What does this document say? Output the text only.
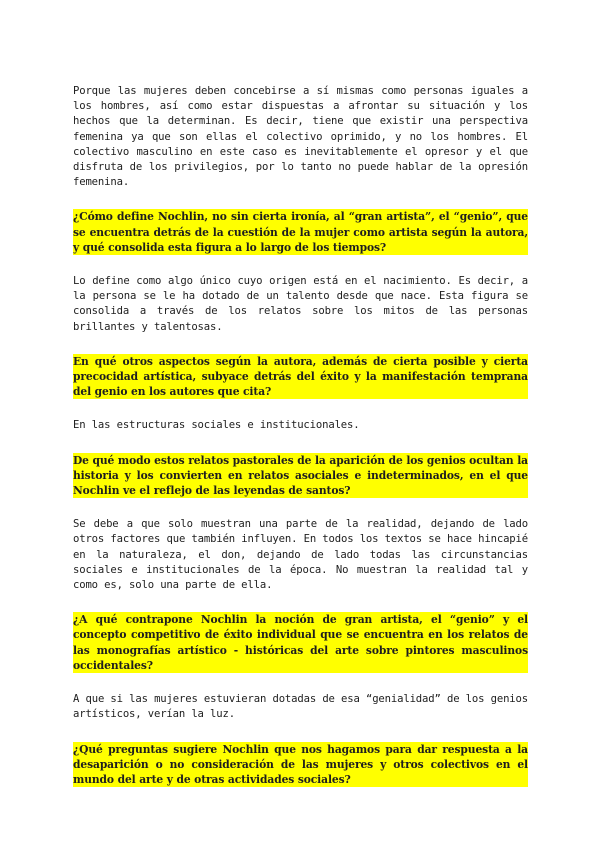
Porque las mujeres deben concebirse a sí mismas como personas iguales a los hombres, así como estar dispuestas a afrontar su situación y los hechos que la determinan. Es decir, tiene que existir una perspectiva femenina ya que son ellas el colectivo oprimido, y no los hombres. El colectivo masculino en este caso es inevitablemente el opresor y el que disfruta de los privilegios, por lo tanto no puede hablar de la opresión femenina.

¿Cómo define Nochlin, no sin cierta ironía, al “gran artista”, el “genio”, que se encuentra detrás de la cuestión de la mujer como artista según la autora, y qué consolida esta figura a lo largo de los tiempos?

Lo define como algo único cuyo origen está en el nacimiento. Es decir, a la persona se le ha dotado de un talento desde que nace. Esta figura se consolida a través de los relatos sobre los mitos de las personas brillantes y talentosas.

En qué otros aspectos según la autora, además de cierta posible y cierta precocidad artística, subyace detrás del éxito y la manifestación temprana del genio en los autores que cita?

En las estructuras sociales e institucionales.

De qué modo estos relatos pastorales de la aparición de los genios ocultan la historia y los convierten en relatos asociales e indeterminados, en el que Nochlin ve el reflejo de las leyendas de santos?

Se debe a que solo muestran una parte de la realidad, dejando de lado otros factores que también influyen. En todos los textos se hace hincapié en la naturaleza, el don, dejando de lado todas las circunstancias sociales e institucionales de la época. No muestran la realidad tal y como es, solo una parte de ella.

¿A qué contrapone Nochlin la noción de gran artista, el “genio” y el concepto competitivo de éxito individual que se encuentra en los relatos de las monografías artístico - históricas del arte sobre pintores masculinos occidentales?

A que si las mujeres estuvieran dotadas de esa “genialidad” de los genios artísticos, verían la luz.

¿Qué preguntas sugiere Nochlin que nos hagamos para dar respuesta a la desaparición o no consideración de las mujeres y otros colectivos en el mundo del arte y de otras actividades sociales?
